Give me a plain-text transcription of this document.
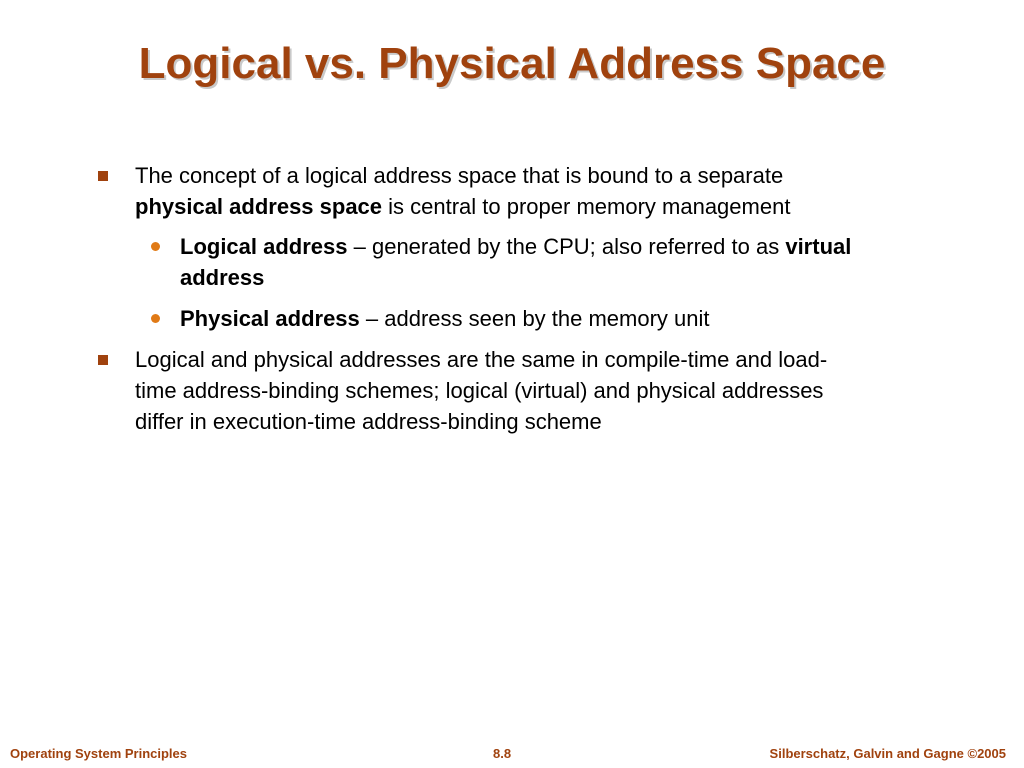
Logical vs. Physical Address Space
The concept of a logical address space that is bound to a separate physical address space is central to proper memory management
Logical address – generated by the CPU; also referred to as virtual address
Physical address – address seen by the memory unit
Logical and physical addresses are the same in compile-time and load-time address-binding schemes; logical (virtual) and physical addresses differ in execution-time address-binding scheme
Operating System Principles	8.8	Silberschatz, Galvin and Gagne ©2005
